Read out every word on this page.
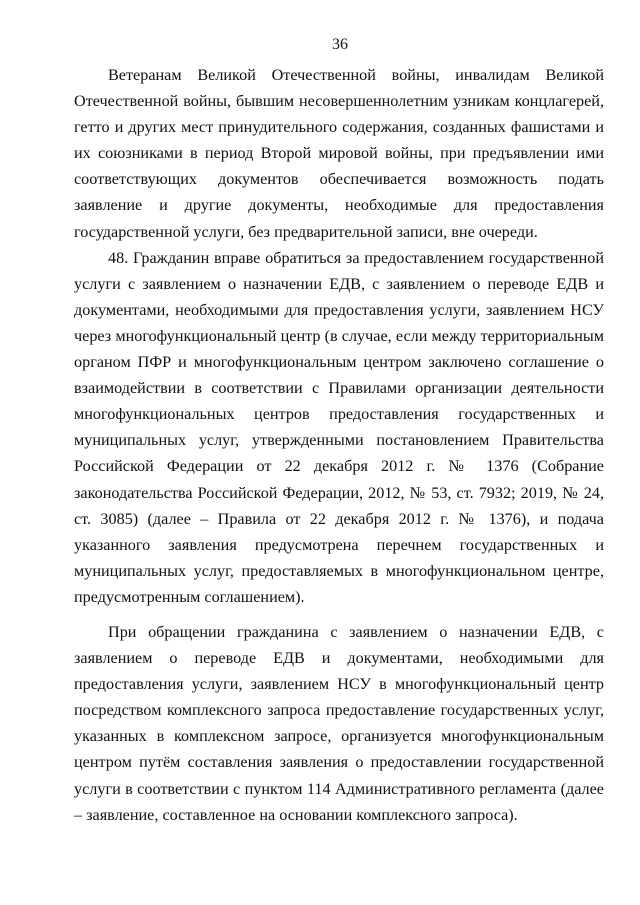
36

Ветеранам Великой Отечественной войны, инвалидам Великой Отечественной войны, бывшим несовершеннолетним узникам концлагерей, гетто и других мест принудительного содержания, созданных фашистами и их союзниками в период Второй мировой войны, при предъявлении ими соответствующих документов обеспечивается возможность подать заявление и другие документы, необходимые для предоставления государственной услуги, без предварительной записи, вне очереди.

48. Гражданин вправе обратиться за предоставлением государственной услуги с заявлением о назначении ЕДВ, с заявлением о переводе ЕДВ и документами, необходимыми для предоставления услуги, заявлением НСУ через многофункциональный центр (в случае, если между территориальным органом ПФР и многофункциональным центром заключено соглашение о взаимодействии в соответствии с Правилами организации деятельности многофункциональных центров предоставления государственных и муниципальных услуг, утвержденными постановлением Правительства Российской Федерации от 22 декабря 2012 г. № 1376 (Собрание законодательства Российской Федерации, 2012, № 53, ст. 7932; 2019, № 24, ст. 3085) (далее – Правила от 22 декабря 2012 г. № 1376), и подача указанного заявления предусмотрена перечнем государственных и муниципальных услуг, предоставляемых в многофункциональном центре, предусмотренным соглашением).

При обращении гражданина с заявлением о назначении ЕДВ, с заявлением о переводе ЕДВ и документами, необходимыми для предоставления услуги, заявлением НСУ в многофункциональный центр посредством комплексного запроса предоставление государственных услуг, указанных в комплексном запросе, организуется многофункциональным центром путём составления заявления о предоставлении государственной услуги в соответствии с пунктом 114 Административного регламента (далее – заявление, составленное на основании комплексного запроса).
